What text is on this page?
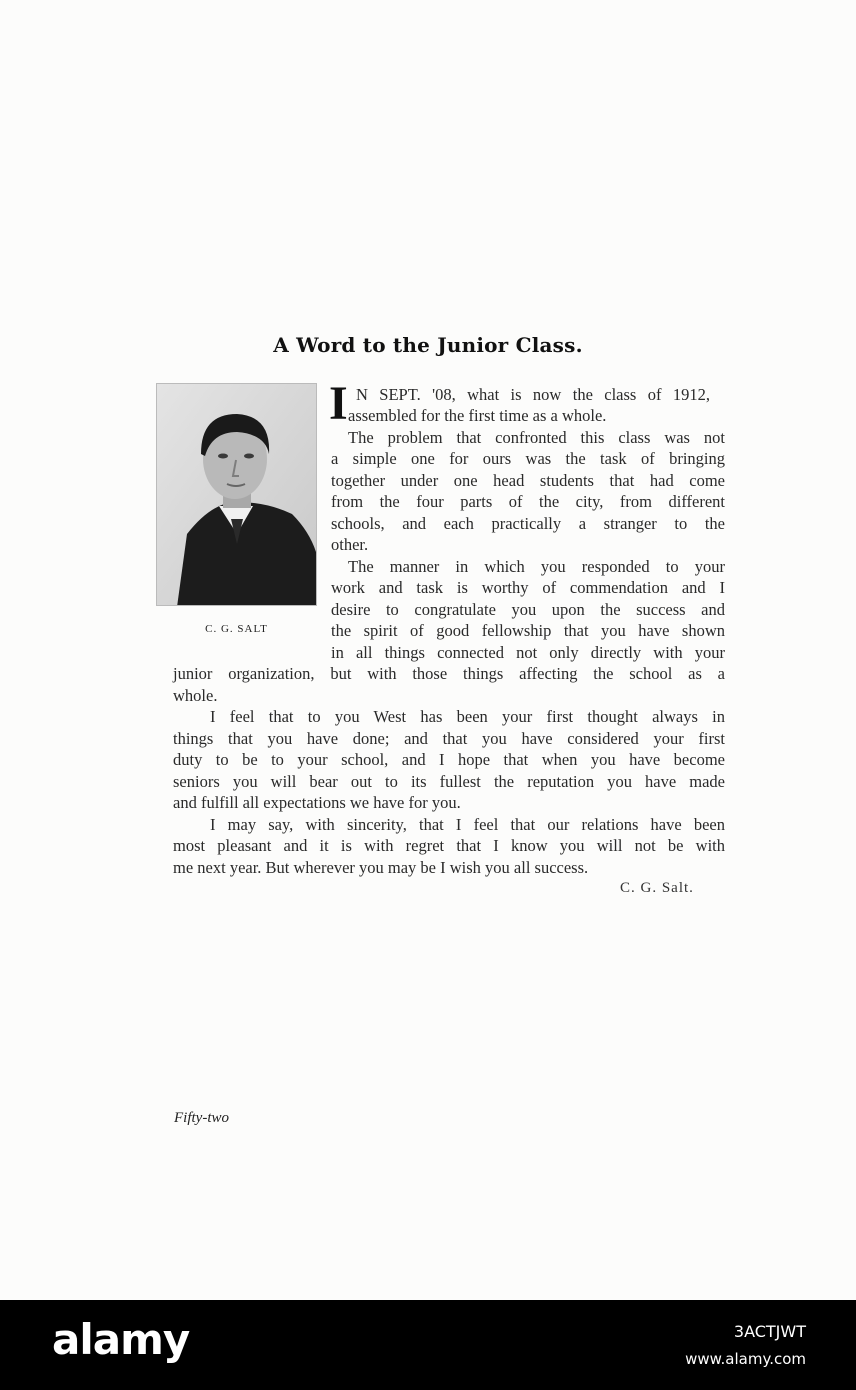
A Word to the Junior Class.
C. G. SALT
I N SEPT. '08, what is now the class of 1912,
assembled for the first time as a whole.
The problem that confronted this class was not
a simple one for ours was the task of bringing
together under one head students that had come
from the four parts of the city, from different
schools, and each practically a stranger to the
other.
The manner in which you responded to your
work and task is worthy of commendation and I
desire to congratulate you upon the success and
the spirit of good fellowship that you have shown
in all things connected not only directly with your
junior organization, but with those things affecting the school as a
whole.
I feel that to you West has been your first thought always in
things that you have done; and that you have considered your first
duty to be to your school, and I hope that when you have become
seniors you will bear out to its fullest the reputation you have made
and fulfill all expectations we have for you.
I may say, with sincerity, that I feel that our relations have been
most pleasant and it is with regret that I know you will not be with
me next year. But wherever you may be I wish you all success.
C. G. Salt.
Fifty-two
alamy	3ACTJWT
www.alamy.com
